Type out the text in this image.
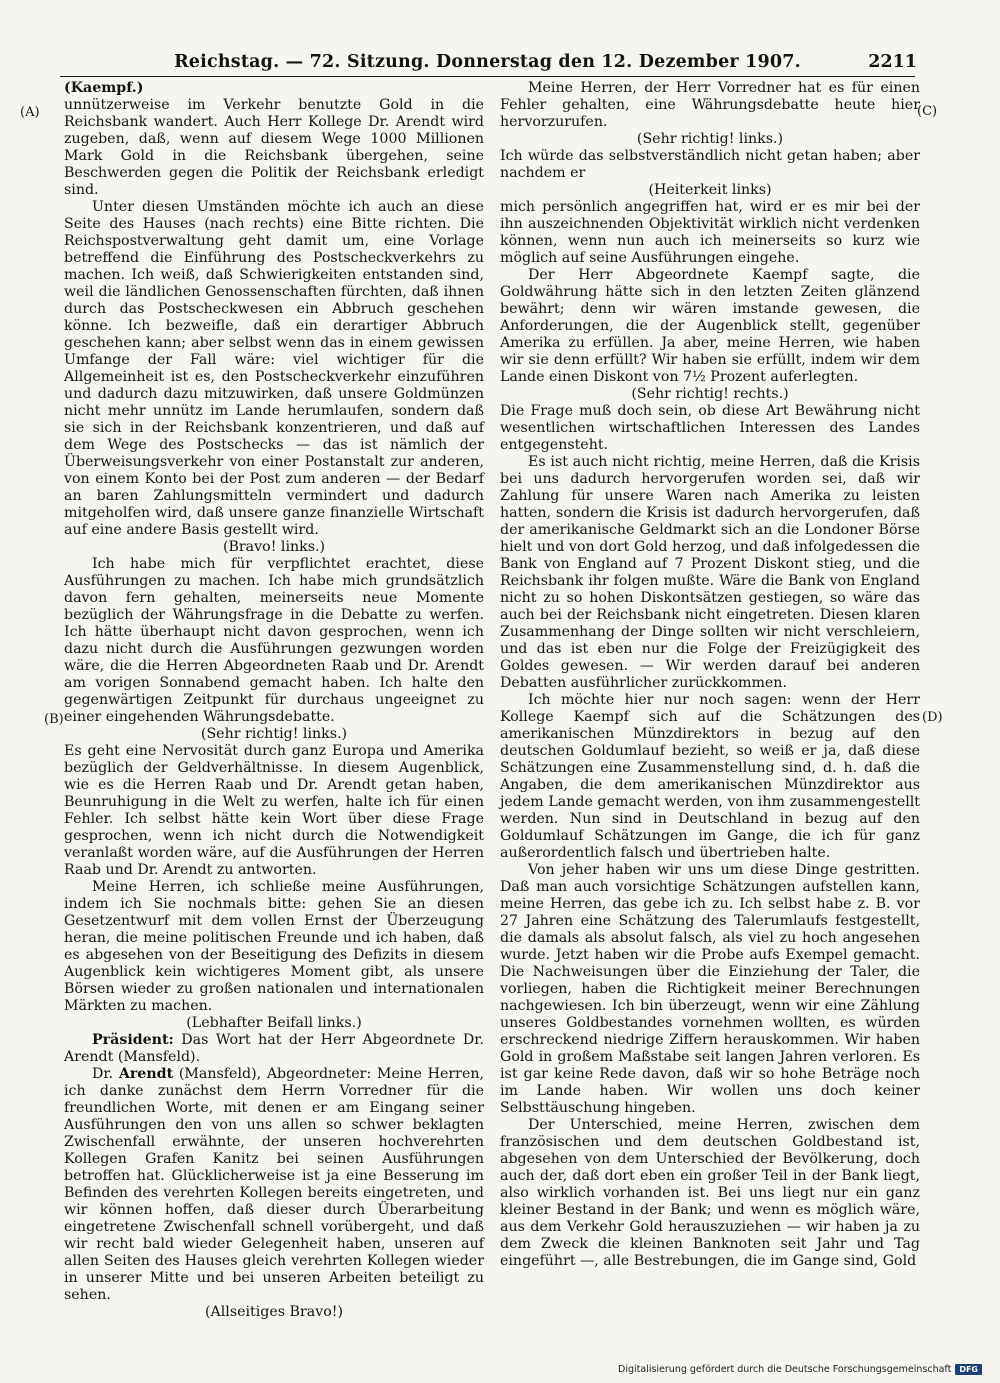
Reichstag. — 72. Sitzung. Donnerstag den 12. Dezember 1907.	2211
(A)
(B)
(C)
(D)

(Kaempf.)

unnützerweise im Verkehr benutzte Gold in die Reichsbank wandert. Auch Herr Kollege Dr. Arendt wird zugeben, daß, wenn auf diesem Wege 1000 Millionen Mark Gold in die Reichsbank übergehen, seine Beschwerden gegen die Politik der Reichsbank erledigt sind.

Unter diesen Umständen möchte ich auch an diese Seite des Hauses (nach rechts) eine Bitte richten. Die Reichspostverwaltung geht damit um, eine Vorlage betreffend die Einführung des Postscheckverkehrs zu machen. Ich weiß, daß Schwierigkeiten entstanden sind, weil die ländlichen Genossenschaften fürchten, daß ihnen durch das Postscheckwesen ein Abbruch geschehen könne. Ich bezweifle, daß ein derartiger Abbruch geschehen kann; aber selbst wenn das in einem gewissen Umfange der Fall wäre: viel wichtiger für die Allgemeinheit ist es, den Postscheckverkehr einzuführen und dadurch dazu mitzuwirken, daß unsere Goldmünzen nicht mehr unnütz im Lande herumlaufen, sondern daß sie sich in der Reichsbank konzentrieren, und daß auf dem Wege des Postschecks — das ist nämlich der Überweisungsverkehr von einer Postanstalt zur anderen, von einem Konto bei der Post zum anderen — der Bedarf an baren Zahlungsmitteln vermindert und dadurch mitgeholfen wird, daß unsere ganze finanzielle Wirtschaft auf eine andere Basis gestellt wird.

(Bravo! links.)

Ich habe mich für verpflichtet erachtet, diese Ausführungen zu machen. Ich habe mich grundsätzlich davon fern gehalten, meinerseits neue Momente bezüglich der Währungsfrage in die Debatte zu werfen. Ich hätte überhaupt nicht davon gesprochen, wenn ich dazu nicht durch die Ausführungen gezwungen worden wäre, die die Herren Abgeordneten Raab und Dr. Arendt am vorigen Sonnabend gemacht haben. Ich halte den gegenwärtigen Zeitpunkt für durchaus ungeeignet zu einer eingehenden Währungsdebatte.

(Sehr richtig! links.)

Es geht eine Nervosität durch ganz Europa und Amerika bezüglich der Geldverhältnisse. In diesem Augenblick, wie es die Herren Raab und Dr. Arendt getan haben, Beunruhigung in die Welt zu werfen, halte ich für einen Fehler. Ich selbst hätte kein Wort über diese Frage gesprochen, wenn ich nicht durch die Notwendigkeit veranlaßt worden wäre, auf die Ausführungen der Herren Raab und Dr. Arendt zu antworten.

Meine Herren, ich schließe meine Ausführungen, indem ich Sie nochmals bitte: gehen Sie an diesen Gesetzentwurf mit dem vollen Ernst der Überzeugung heran, die meine politischen Freunde und ich haben, daß es abgesehen von der Beseitigung des Defizits in diesem Augenblick kein wichtigeres Moment gibt, als unsere Börsen wieder zu großen nationalen und internationalen Märkten zu machen.

(Lebhafter Beifall links.)

Präsident: Das Wort hat der Herr Abgeordnete Dr. Arendt (Mansfeld).

Dr. Arendt (Mansfeld), Abgeordneter: Meine Herren, ich danke zunächst dem Herrn Vorredner für die freundlichen Worte, mit denen er am Eingang seiner Ausführungen den von uns allen so schwer beklagten Zwischenfall erwähnte, der unseren hochverehrten Kollegen Grafen Kanitz bei seinen Ausführungen betroffen hat. Glücklicherweise ist ja eine Besserung im Befinden des verehrten Kollegen bereits eingetreten, und wir können hoffen, daß dieser durch Überarbeitung eingetretene Zwischenfall schnell vorübergeht, und daß wir recht bald wieder Gelegenheit haben, unseren auf allen Seiten des Hauses gleich verehrten Kollegen wieder in unserer Mitte und bei unseren Arbeiten beteiligt zu sehen.

(Allseitiges Bravo!)

Meine Herren, der Herr Vorredner hat es für einen Fehler gehalten, eine Währungsdebatte heute hier hervorzurufen.

(Sehr richtig! links.)

Ich würde das selbstverständlich nicht getan haben; aber nachdem er

(Heiterkeit links)

mich persönlich angegriffen hat, wird er es mir bei der ihn auszeichnenden Objektivität wirklich nicht verdenken können, wenn nun auch ich meinerseits so kurz wie möglich auf seine Ausführungen eingehe.

Der Herr Abgeordnete Kaempf sagte, die Goldwährung hätte sich in den letzten Zeiten glänzend bewährt; denn wir wären imstande gewesen, die Anforderungen, die der Augenblick stellt, gegenüber Amerika zu erfüllen. Ja aber, meine Herren, wie haben wir sie denn erfüllt? Wir haben sie erfüllt, indem wir dem Lande einen Diskont von 7½ Prozent auferlegten.

(Sehr richtig! rechts.)

Die Frage muß doch sein, ob diese Art Bewährung nicht wesentlichen wirtschaftlichen Interessen des Landes entgegensteht.

Es ist auch nicht richtig, meine Herren, daß die Krisis bei uns dadurch hervorgerufen worden sei, daß wir Zahlung für unsere Waren nach Amerika zu leisten hatten, sondern die Krisis ist dadurch hervorgerufen, daß der amerikanische Geldmarkt sich an die Londoner Börse hielt und von dort Gold herzog, und daß infolgedessen die Bank von England auf 7 Prozent Diskont stieg, und die Reichsbank ihr folgen mußte. Wäre die Bank von England nicht zu so hohen Diskontsätzen gestiegen, so wäre das auch bei der Reichsbank nicht eingetreten. Diesen klaren Zusammenhang der Dinge sollten wir nicht verschleiern, und das ist eben nur die Folge der Freizügigkeit des Goldes gewesen. — Wir werden darauf bei anderen Debatten ausführlicher zurückkommen.

Ich möchte hier nur noch sagen: wenn der Herr Kollege Kaempf sich auf die Schätzungen des amerikanischen Münzdirektors in bezug auf den deutschen Goldumlauf bezieht, so weiß er ja, daß diese Schätzungen eine Zusammenstellung sind, d. h. daß die Angaben, die dem amerikanischen Münzdirektor aus jedem Lande gemacht werden, von ihm zusammengestellt werden. Nun sind in Deutschland in bezug auf den Goldumlauf Schätzungen im Gange, die ich für ganz außerordentlich falsch und übertrieben halte.

Von jeher haben wir uns um diese Dinge gestritten. Daß man auch vorsichtige Schätzungen aufstellen kann, meine Herren, das gebe ich zu. Ich selbst habe z. B. vor 27 Jahren eine Schätzung des Talerumlaufs festgestellt, die damals als absolut falsch, als viel zu hoch angesehen wurde. Jetzt haben wir die Probe aufs Exempel gemacht. Die Nachweisungen über die Einziehung der Taler, die vorliegen, haben die Richtigkeit meiner Berechnungen nachgewiesen. Ich bin überzeugt, wenn wir eine Zählung unseres Goldbestandes vornehmen wollten, es würden erschreckend niedrige Ziffern herauskommen. Wir haben Gold in großem Maßstabe seit langen Jahren verloren. Es ist gar keine Rede davon, daß wir so hohe Beträge noch im Lande haben. Wir wollen uns doch keiner Selbsttäuschung hingeben.

Der Unterschied, meine Herren, zwischen dem französischen und dem deutschen Goldbestand ist, abgesehen von dem Unterschied der Bevölkerung, doch auch der, daß dort eben ein großer Teil in der Bank liegt, also wirklich vorhanden ist. Bei uns liegt nur ein ganz kleiner Bestand in der Bank; und wenn es möglich wäre, aus dem Verkehr Gold herauszuziehen — wir haben ja zu dem Zweck die kleinen Banknoten seit Jahr und Tag eingeführt —, alle Bestrebungen, die im Gange sind, Gold

Digitalisierung gefördert durch die Deutsche Forschungsgemeinschaft	DFG
